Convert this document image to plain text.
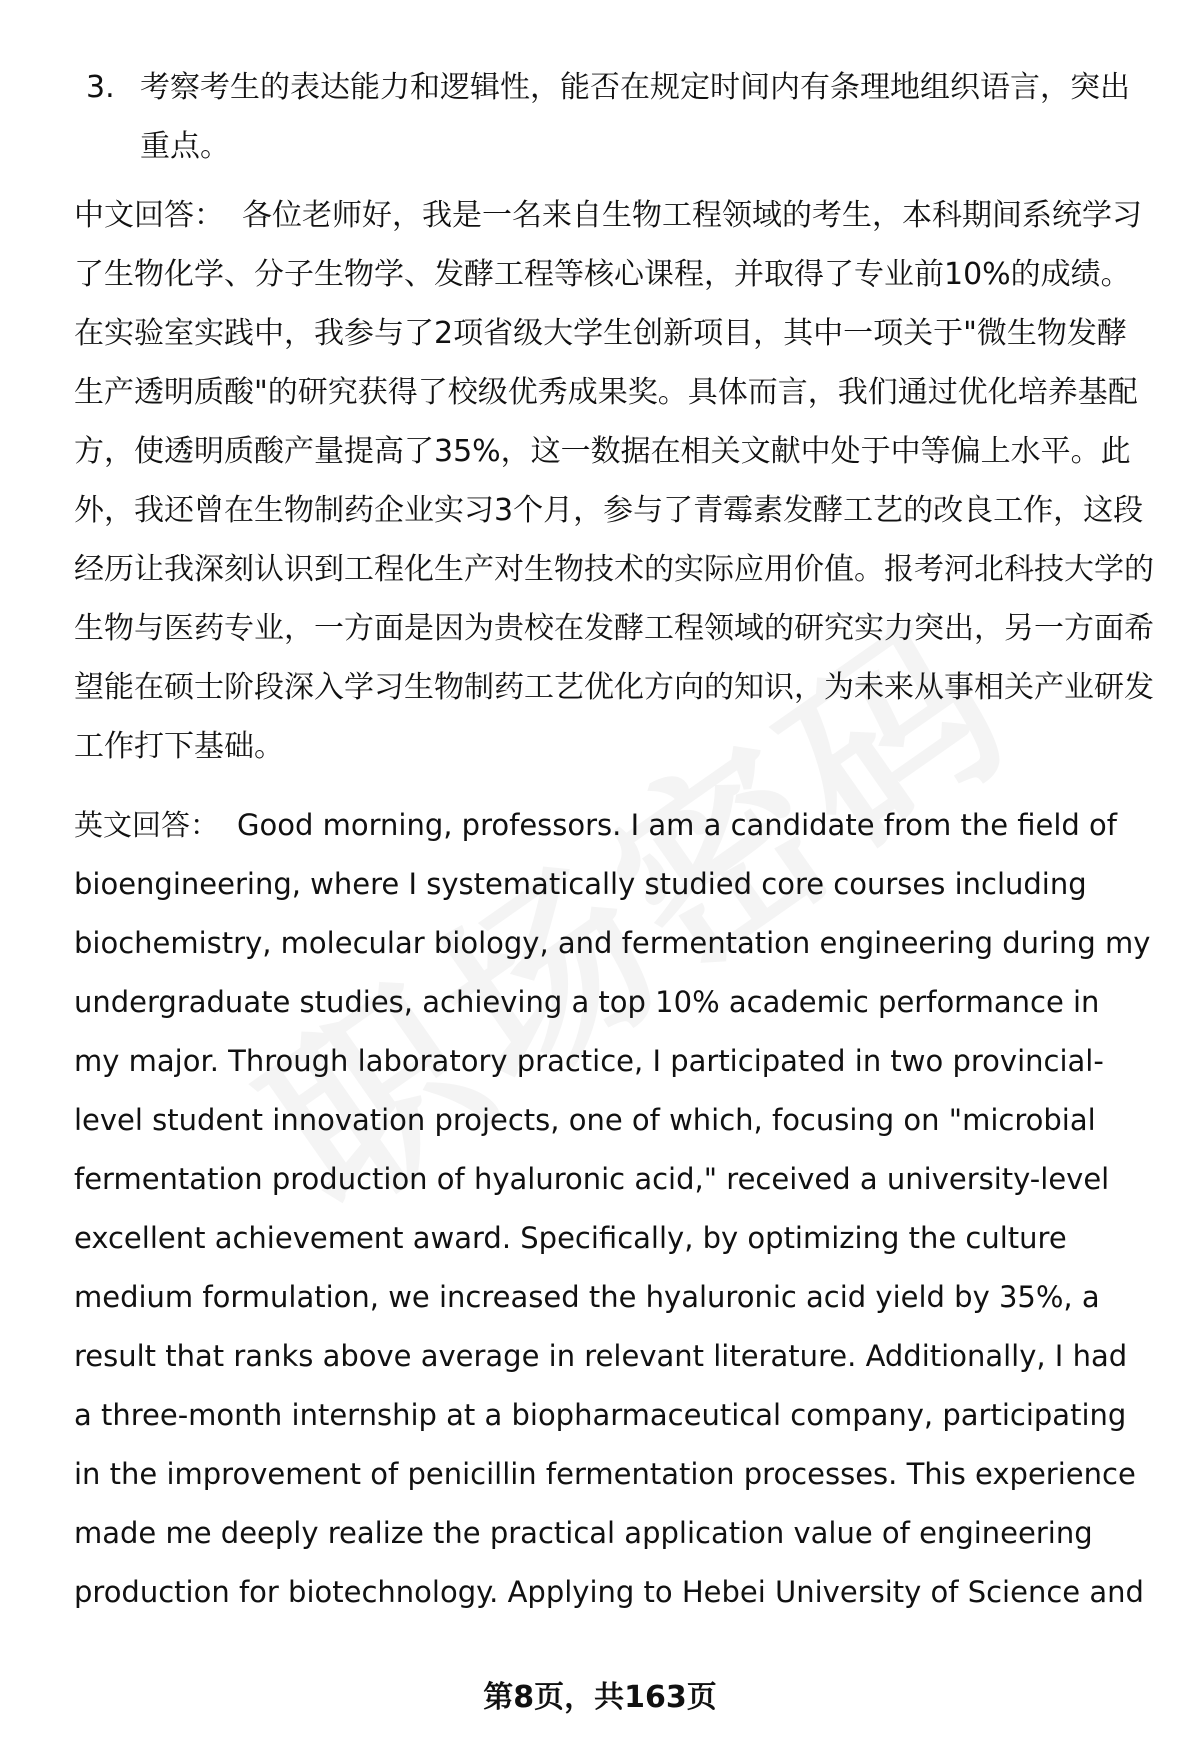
3. 考察考生的表达能力和逻辑性，能否在规定时间内有条理地组织语言，突出重点。

中文回答： 各位老师好，我是一名来自生物工程领域的考生，本科期间系统学习了生物化学、分子生物学、发酵工程等核心课程，并取得了专业前10%的成绩。在实验室实践中，我参与了2项省级大学生创新项目，其中一项关于"微生物发酵生产透明质酸"的研究获得了校级优秀成果奖。具体而言，我们通过优化培养基配方，使透明质酸产量提高了35%，这一数据在相关文献中处于中等偏上水平。此外，我还曾在生物制药企业实习3个月，参与了青霉素发酵工艺的改良工作，这段经历让我深刻认识到工程化生产对生物技术的实际应用价值。报考河北科技大学的生物与医药专业，一方面是因为贵校在发酵工程领域的研究实力突出，另一方面希望能在硕士阶段深入学习生物制药工艺优化方向的知识，为未来从事相关产业研发工作打下基础。

英文回答： Good morning, professors. I am a candidate from the field of bioengineering, where I systematically studied core courses including biochemistry, molecular biology, and fermentation engineering during my undergraduate studies, achieving a top 10% academic performance in my major. Through laboratory practice, I participated in two provincial-level student innovation projects, one of which, focusing on "microbial fermentation production of hyaluronic acid," received a university-level excellent achievement award. Specifically, by optimizing the culture medium formulation, we increased the hyaluronic acid yield by 35%, a result that ranks above average in relevant literature. Additionally, I had a three-month internship at a biopharmaceutical company, participating in the improvement of penicillin fermentation processes. This experience made me deeply realize the practical application value of engineering production for biotechnology. Applying to Hebei University of Science and

第8页，共163页
